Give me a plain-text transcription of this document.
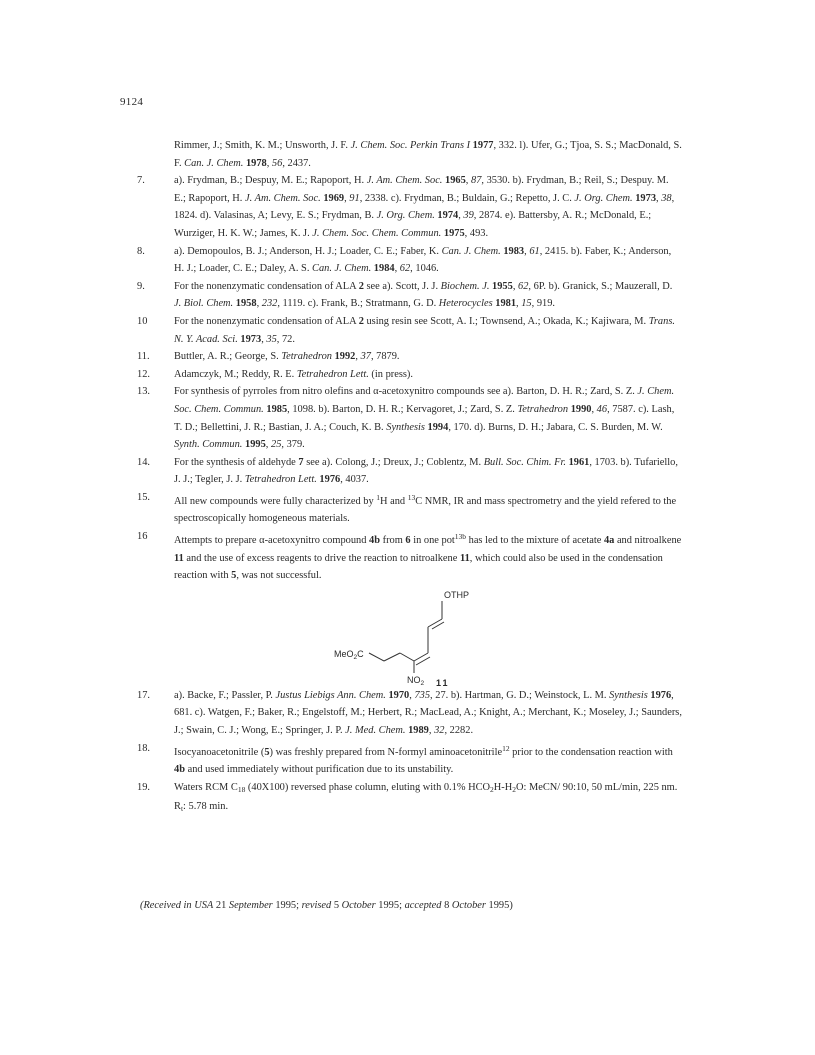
9124
Rimmer, J.; Smith, K. M.; Unsworth, J. F. J. Chem. Soc. Perkin Trans I 1977, 332. l). Ufer, G.; Tjoa, S. S.; MacDonald, S. F. Can. J. Chem. 1978, 56, 2437.
7.	a). Frydman, B.; Despuy, M. E.; Rapoport, H. J. Am. Chem. Soc. 1965, 87, 3530. b). Frydman, B.; Reil, S.; Despuy. M. E.; Rapoport, H. J. Am. Chem. Soc. 1969, 91, 2338. c). Frydman, B.; Buldain, G.; Repetto, J. C. J. Org. Chem. 1973, 38, 1824. d). Valasinas, A; Levy, E. S.; Frydman, B. J. Org. Chem. 1974, 39, 2874. e). Battersby, A. R.; McDonald, E.; Wurziger, H. K. W.; James, K. J. J. Chem. Soc. Chem. Commun. 1975, 493.
8.	a). Demopoulos, B. J.; Anderson, H. J.; Loader, C. E.; Faber, K. Can. J. Chem. 1983, 61, 2415. b). Faber, K.; Anderson, H. J.; Loader, C. E.; Daley, A. S. Can. J. Chem. 1984, 62, 1046.
9.	For the nonenzymatic condensation of ALA 2 see a). Scott, J. J. Biochem. J. 1955, 62, 6P. b). Granick, S.; Mauzerall, D. J. Biol. Chem. 1958, 232, 1119. c). Frank, B.; Stratmann, G. D. Heterocycles 1981, 15, 919.
10	For the nonenzymatic condensation of ALA 2 using resin see Scott, A. I.; Townsend, A.; Okada, K.; Kajiwara, M. Trans. N. Y. Acad. Sci. 1973, 35, 72.
11.	Buttler, A. R.; George, S. Tetrahedron 1992, 37, 7879.
12.	Adamczyk, M.; Reddy, R. E. Tetrahedron Lett. (in press).
13.	For synthesis of pyrroles from nitro olefins and α-acetoxynitro compounds see a). Barton, D. H. R.; Zard, S. Z. J. Chem. Soc. Chem. Commun. 1985, 1098. b). Barton, D. H. R.; Kervagoret, J.; Zard, S. Z. Tetrahedron 1990, 46, 7587. c). Lash, T. D.; Bellettini, J. R.; Bastian, J. A.; Couch, K. B. Synthesis 1994, 170. d). Burns, D. H.; Jabara, C. S. Burden, M. W. Synth. Commun. 1995, 25, 379.
14.	For the synthesis of aldehyde 7 see a). Colong, J.; Dreux, J.; Coblentz, M. Bull. Soc. Chim. Fr. 1961, 1703. b). Tufariello, J. J.; Tegler, J. J. Tetrahedron Lett. 1976, 4037.
15.	All new compounds were fully characterized by $^1$H and $^{13}$C NMR, IR and mass spectrometry and the yield refered to the spectroscopically homogeneous materials.
16	Attempts to prepare α-acetoxynitro compound 4b from 6 in one pot$^{13b}$ has led to the mixture of acetate 4a and nitroalkene 11 and the use of excess reagents to drive the reaction to nitroalkene 11, which could also be used in the condensation reaction with 5, was not successful.
OTHP
MeO$_2$C
$NO_2$ 11
17.	a). Backe, F.; Passler, P. Justus Liebigs Ann. Chem. 1970, 735, 27. b). Hartman, G. D.; Weinstock, L. M. Synthesis 1976, 681. c). Watgen, F.; Baker, R.; Engelstoff, M.; Herbert, R.; MacLead, A.; Knight, A.; Merchant, K.; Moseley, J.; Saunders, J.; Swain, C. J.; Wong, E.; Springer, J. P. J. Med. Chem. 1989, 32, 2282.
18.	Isocyanoacetonitrile (5) was freshly prepared from N-formyl aminoacetonitrile$^{12}$ prior to the condensation reaction with 4b and used immediately without purification due to its unstability.
19.	Waters RCM $C_{18}$ (40X100) reversed phase column, eluting with 0.1% $HCO_2H-H_2O$: MeCN/ 90:10, 50 mL/min, 225 nm. $R_t$: 5.78 min.
(Received in USA 21 September 1995; revised 5 October 1995; accepted 8 October 1995)
